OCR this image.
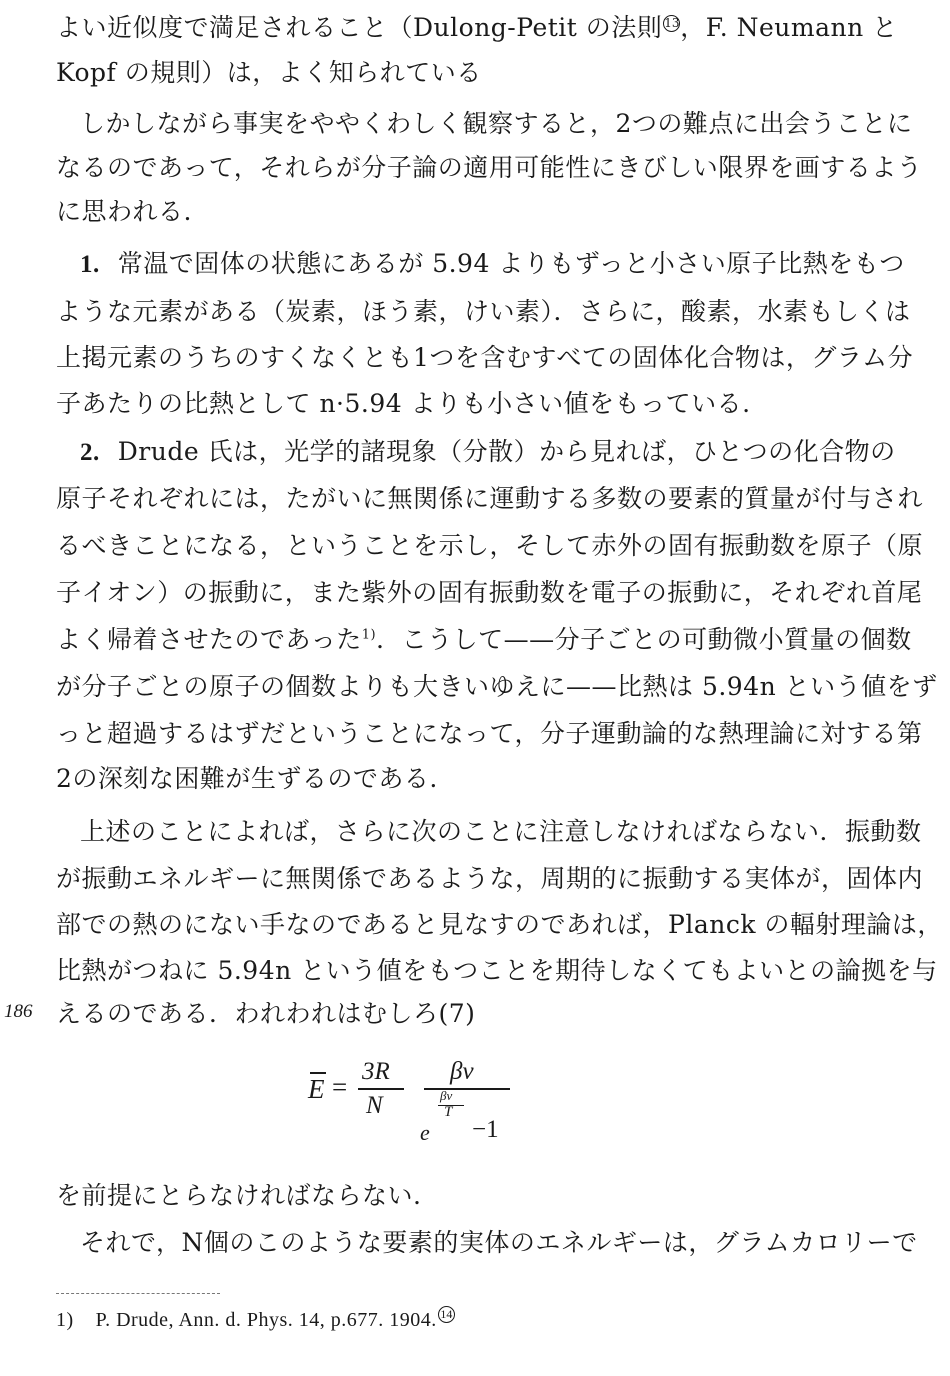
よい近似度で満足されること（Dulong-Petit の法則 13，F. Neumann と
Kopf の規則）は，よく知られている
しかしながら事実をややくわしく観察すると，2つの難点に出会うことに
なるのであって，それらが分子論の適用可能性にきびしい限界を画するよう
に思われる.
1. 常温で固体の状態にあるが 5.94 よりもずっと小さい原子比熱をもつ
ような元素がある（炭素，ほう素，けい素）．さらに，酸素，水素もしくは
上掲元素のうちのすくなくとも1つを含むすべての固体化合物は，グラム分
子あたりの比熱として n·5.94 よりも小さい値をもっている.
2. Drude 氏は，光学的諸現象（分散）から見れば，ひとつの化合物の
原子それぞれには，たがいに無関係に運動する多数の要素的質量が付与され
るべきことになる，ということを示し，そして赤外の固有振動数を原子（原
子イオン）の振動に，また紫外の固有振動数を電子の振動に，それぞれ首尾
よく帰着させたのであった$^{1)}$．こうして——分子ごとの可動微小質量の個数
が分子ごとの原子の個数よりも大きいゆえに——比熱は 5.94n という値をず
っと超過するはずだということになって，分子運動論的な熱理論に対する第
2の深刻な困難が生ずるのである.
上述のことによれば，さらに次のことに注意しなければならない．振動数
が振動エネルギーに無関係であるような，周期的に振動する実体が，固体内
部での熱のにない手なのであると見なすのであれば，Planck の輻射理論は，
比熱がつねに 5.94n という値をもつことを期待しなくてもよいとの論拠を与
えるのである．われわれはむしろ(7)
186
E =
3R
N
βν
e
βν
T
−1
を前提にとらなければならない.
それで，N個のこのような要素的実体のエネルギーは，グラムカロリーで
1) P. Drude, Ann. d. Phys. 14, p.677. 1904. 14
